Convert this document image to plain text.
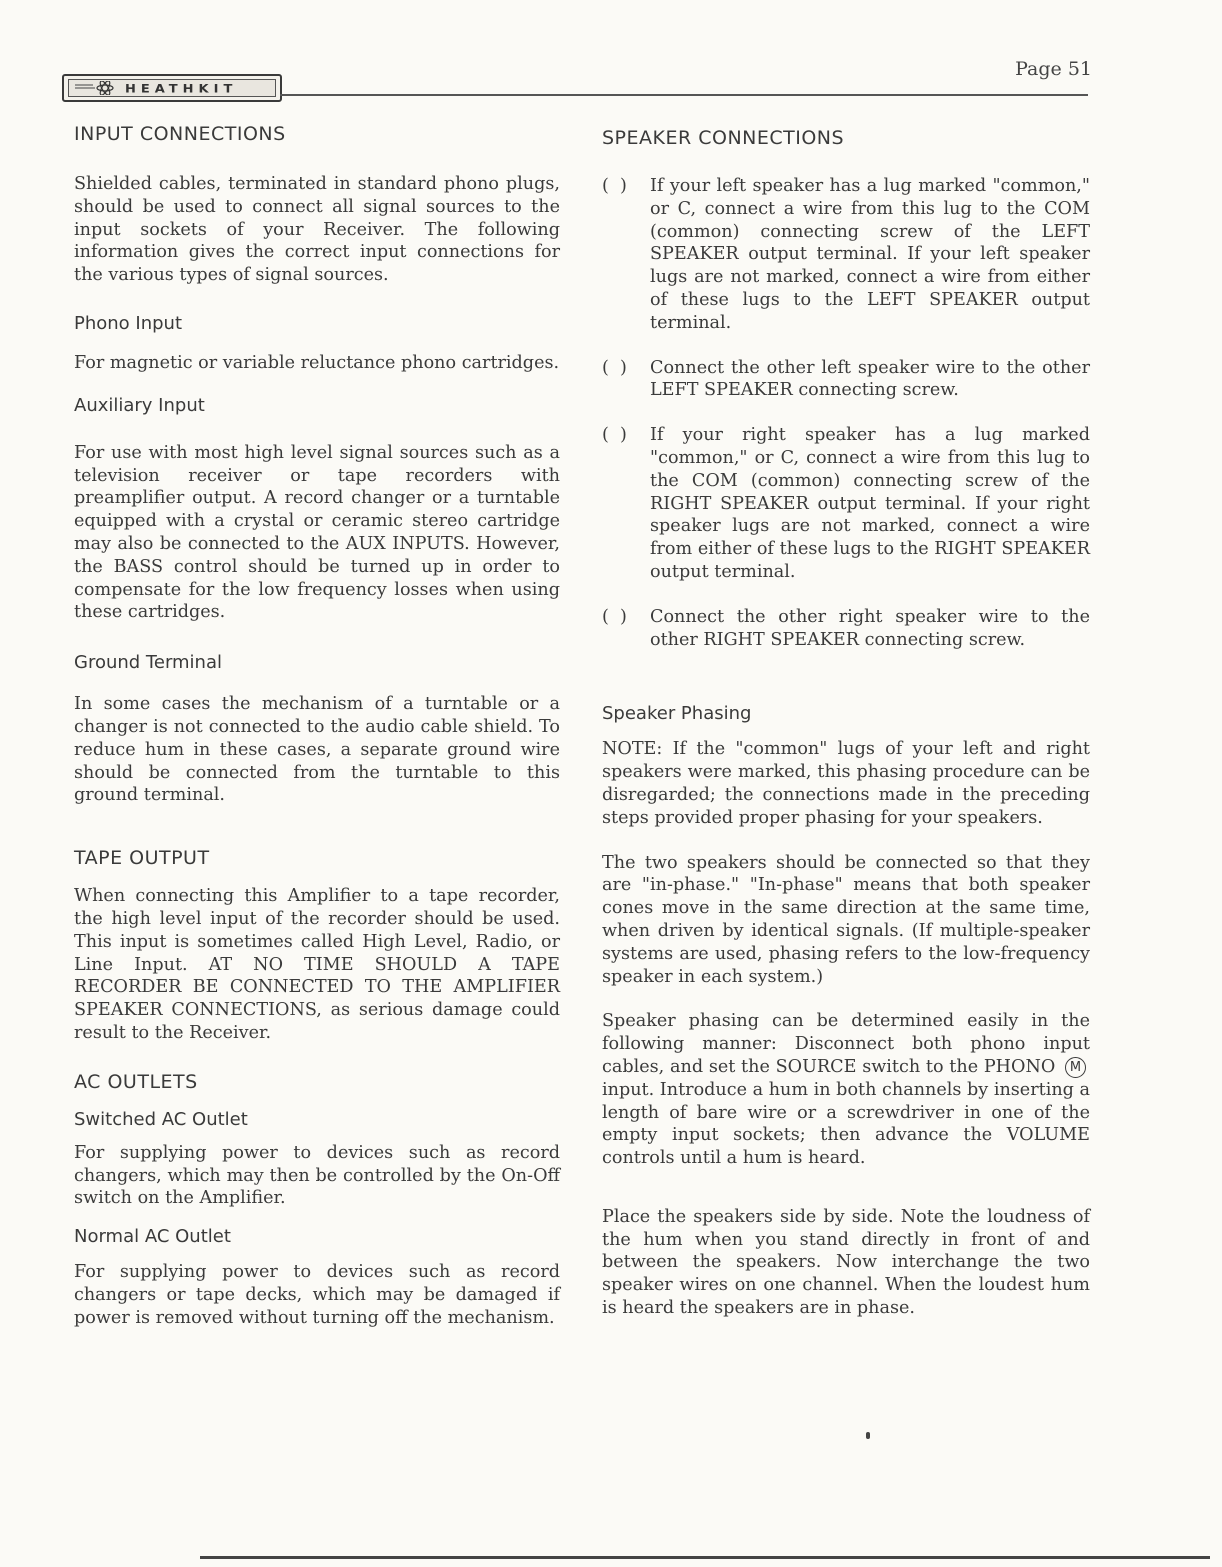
HEATHKIT
Page 51
INPUT CONNECTIONS

Shielded cables, terminated in standard phono plugs, should be used to connect all signal sources to the input sockets of your Receiver. The following information gives the correct input connections for the various types of signal sources.

Phono Input

For magnetic or variable reluctance phono cartridges.

Auxiliary Input

For use with most high level signal sources such as a television receiver or tape recorders with preamplifier output. A record changer or a turntable equipped with a crystal or ceramic stereo cartridge may also be connected to the AUX INPUTS. However, the BASS control should be turned up in order to compensate for the low frequency losses when using these cartridges.

Ground Terminal

In some cases the mechanism of a turntable or a changer is not connected to the audio cable shield. To reduce hum in these cases, a separate ground wire should be connected from the turntable to this ground terminal.

TAPE OUTPUT

When connecting this Amplifier to a tape recorder, the high level input of the recorder should be used. This input is sometimes called High Level, Radio, or Line Input. AT NO TIME SHOULD A TAPE RECORDER BE CONNECTED TO THE AMPLIFIER SPEAKER CONNECTIONS, as serious damage could result to the Receiver.

AC OUTLETS
Switched AC Outlet

For supplying power to devices such as record changers, which may then be controlled by the On-Off switch on the Amplifier.

Normal AC Outlet

For supplying power to devices such as record changers or tape decks, which may be damaged if power is removed without turning off the mechanism.

SPEAKER CONNECTIONS
(  )	If your left speaker has a lug marked "common," or C, connect a wire from this lug to the COM (common) connecting screw of the LEFT SPEAKER output terminal. If your left speaker lugs are not marked, connect a wire from either of these lugs to the LEFT SPEAKER output terminal.

(  )	Connect the other left speaker wire to the other LEFT SPEAKER connecting screw.

(  )	If your right speaker has a lug marked "common," or C, connect a wire from this lug to the COM (common) connecting screw of the RIGHT SPEAKER output terminal. If your right speaker lugs are not marked, connect a wire from either of these lugs to the RIGHT SPEAKER output terminal.

(  )	Connect the other right speaker wire to the other RIGHT SPEAKER connecting screw.

Speaker Phasing

NOTE: If the "common" lugs of your left and right speakers were marked, this phasing procedure can be disregarded; the connections made in the preceding steps provided proper phasing for your speakers.

The two speakers should be connected so that they are "in-phase." "In-phase" means that both speaker cones move in the same direction at the same time, when driven by identical signals. (If multiple-speaker systems are used, phasing refers to the low-frequency speaker in each system.)

Speaker phasing can be determined easily in the following manner: Disconnect both phono input cables, and set the SOURCE switch to the PHONO M input. Introduce a hum in both channels by inserting a length of bare wire or a screwdriver in one of the empty input sockets; then advance the VOLUME controls until a hum is heard.

Place the speakers side by side. Note the loudness of the hum when you stand directly in front of and between the speakers. Now interchange the two speaker wires on one channel. When the loudest hum is heard the speakers are in phase.
